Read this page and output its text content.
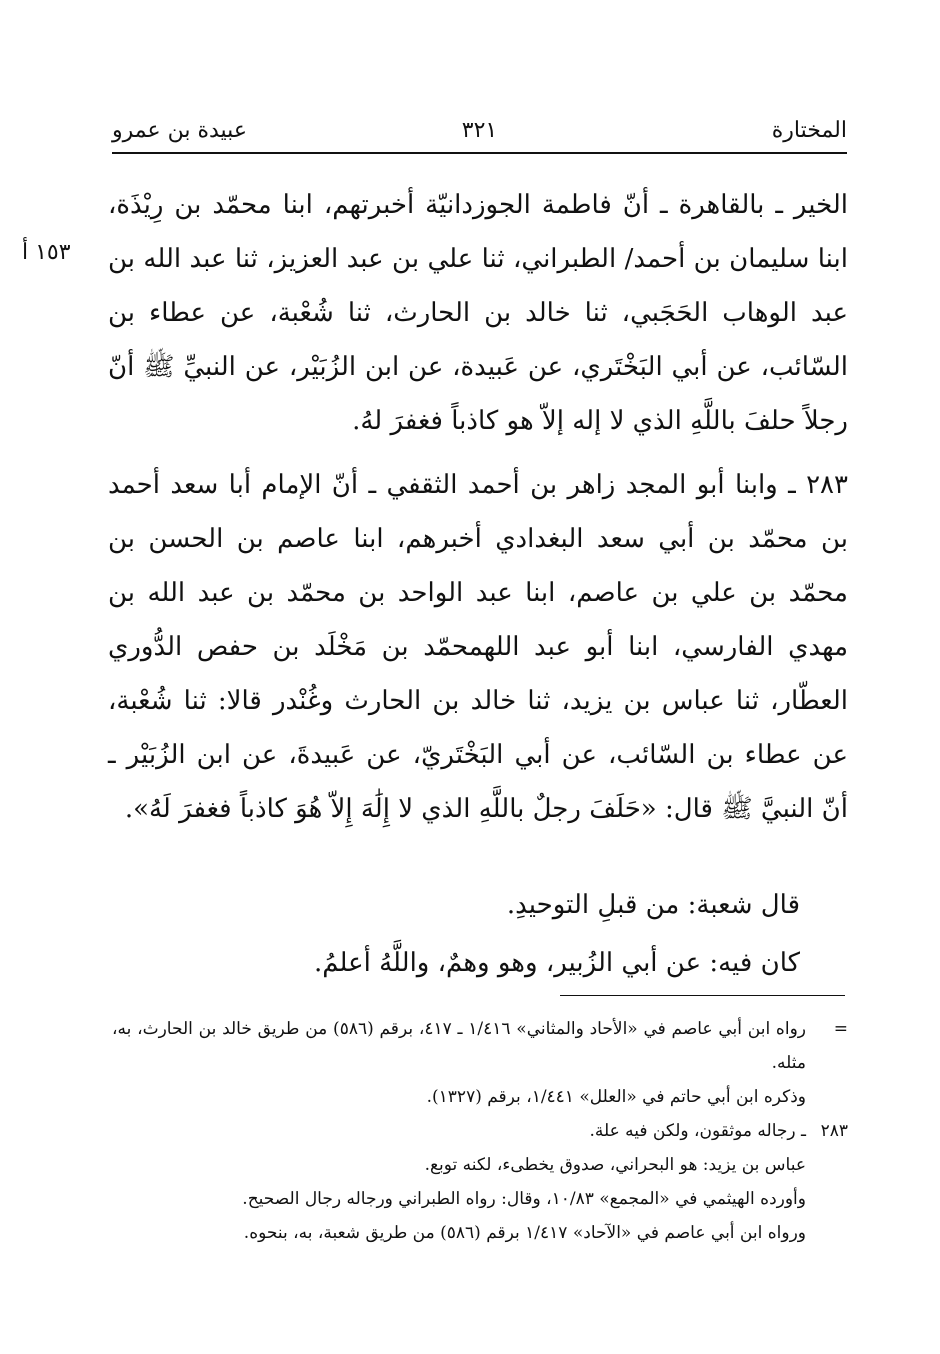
المختارة
٣٢١
عبيدة بن عمرو
١٥٣ أ

الخير ـ بالقاهرة ـ أنّ فاطمة الجوزدانيّة أخبرتهم، ابنا محمّد بن رِيْذَة، ابنا سليمان بن أحمد/ الطبراني، ثنا علي بن عبد العزيز، ثنا عبد الله بن عبد الوهاب الحَجَبي، ثنا خالد بن الحارث، ثنا شُعْبة، عن عطاء بن السّائب، عن أبي البَخْتَري، عن عَبيدة، عن ابن الزُبَيْر، عن النبيِّ ﷺ أنّ رجلاً حلفَ باللَّهِ الذي لا إله إلاّ هو كاذباً فغفرَ لهُ.

٢٨٣ ـ وابنا أبو المجد زاهر بن أحمد الثقفي ـ أنّ الإمام أبا سعد أحمد بن محمّد بن أبي سعد البغدادي أخبرهم، ابنا عاصم بن الحسن بن محمّد بن علي بن عاصم، ابنا عبد الواحد بن محمّد بن عبد الله بن مهدي الفارسي، ابنا أبو عبد اللهمحمّد بن مَخْلَد بن حفص الدُّوري العطّار، ثنا عباس بن يزيد، ثنا خالد بن الحارث وغُنْدر قالا: ثنا شُعْبة، عن عطاء بن السّائب، عن أبي البَخْتَريّ، عن عَبيدةَ، عن ابن الزُبَيْر ـ أنّ النبيَّ ﷺ قال: «حَلَفَ رجلٌ باللَّهِ الذي لا إِلَٰهَ إِلاّ هُوَ كاذباً فغفرَ لَهُ».

قال شعبة: من قبلِ التوحيدِ.

كان فيه: عن أبي الزُبير، وهو وهمٌ، واللَّهُ أعلمُ.

=
رواه ابن أبي عاصم في «الأحاد والمثاني» ١/٤١٦ ـ ٤١٧، برقم (٥٨٦) من طريق خالد بن الحارث، به، مثله.
وذكره ابن أبي حاتم في «العلل» ١/٤٤١، برقم (١٣٢٧).
٢٨٣
ـ رجاله موثقون، ولكن فيه علة.
عباس بن يزيد: هو البحراني، صدوق يخطىء، لكنه توبع.
وأورده الهيثمي في «المجمع» ١٠/٨٣، وقال: رواه الطبراني ورجاله رجال الصحيح.
ورواه ابن أبي عاصم في «الآحاد» ١/٤١٧ برقم (٥٨٦) من طريق شعبة، به، بنحوه.
